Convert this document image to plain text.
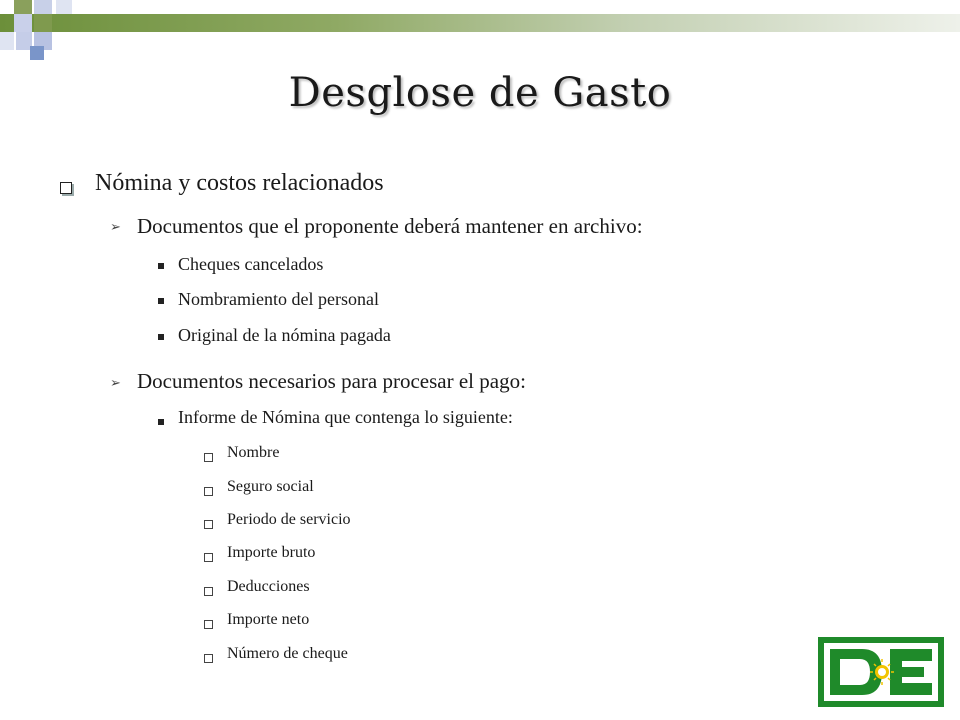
Desglose de Gasto
Nómina y costos relacionados
➢ Documentos que el proponente deberá mantener en archivo:
Cheques cancelados
Nombramiento del personal
Original de la nómina pagada
➢ Documentos necesarios para procesar el pago:
Informe de Nómina que contenga lo siguiente:
Nombre
Seguro social
Periodo de servicio
Importe bruto
Deducciones
Importe neto
Número de cheque
